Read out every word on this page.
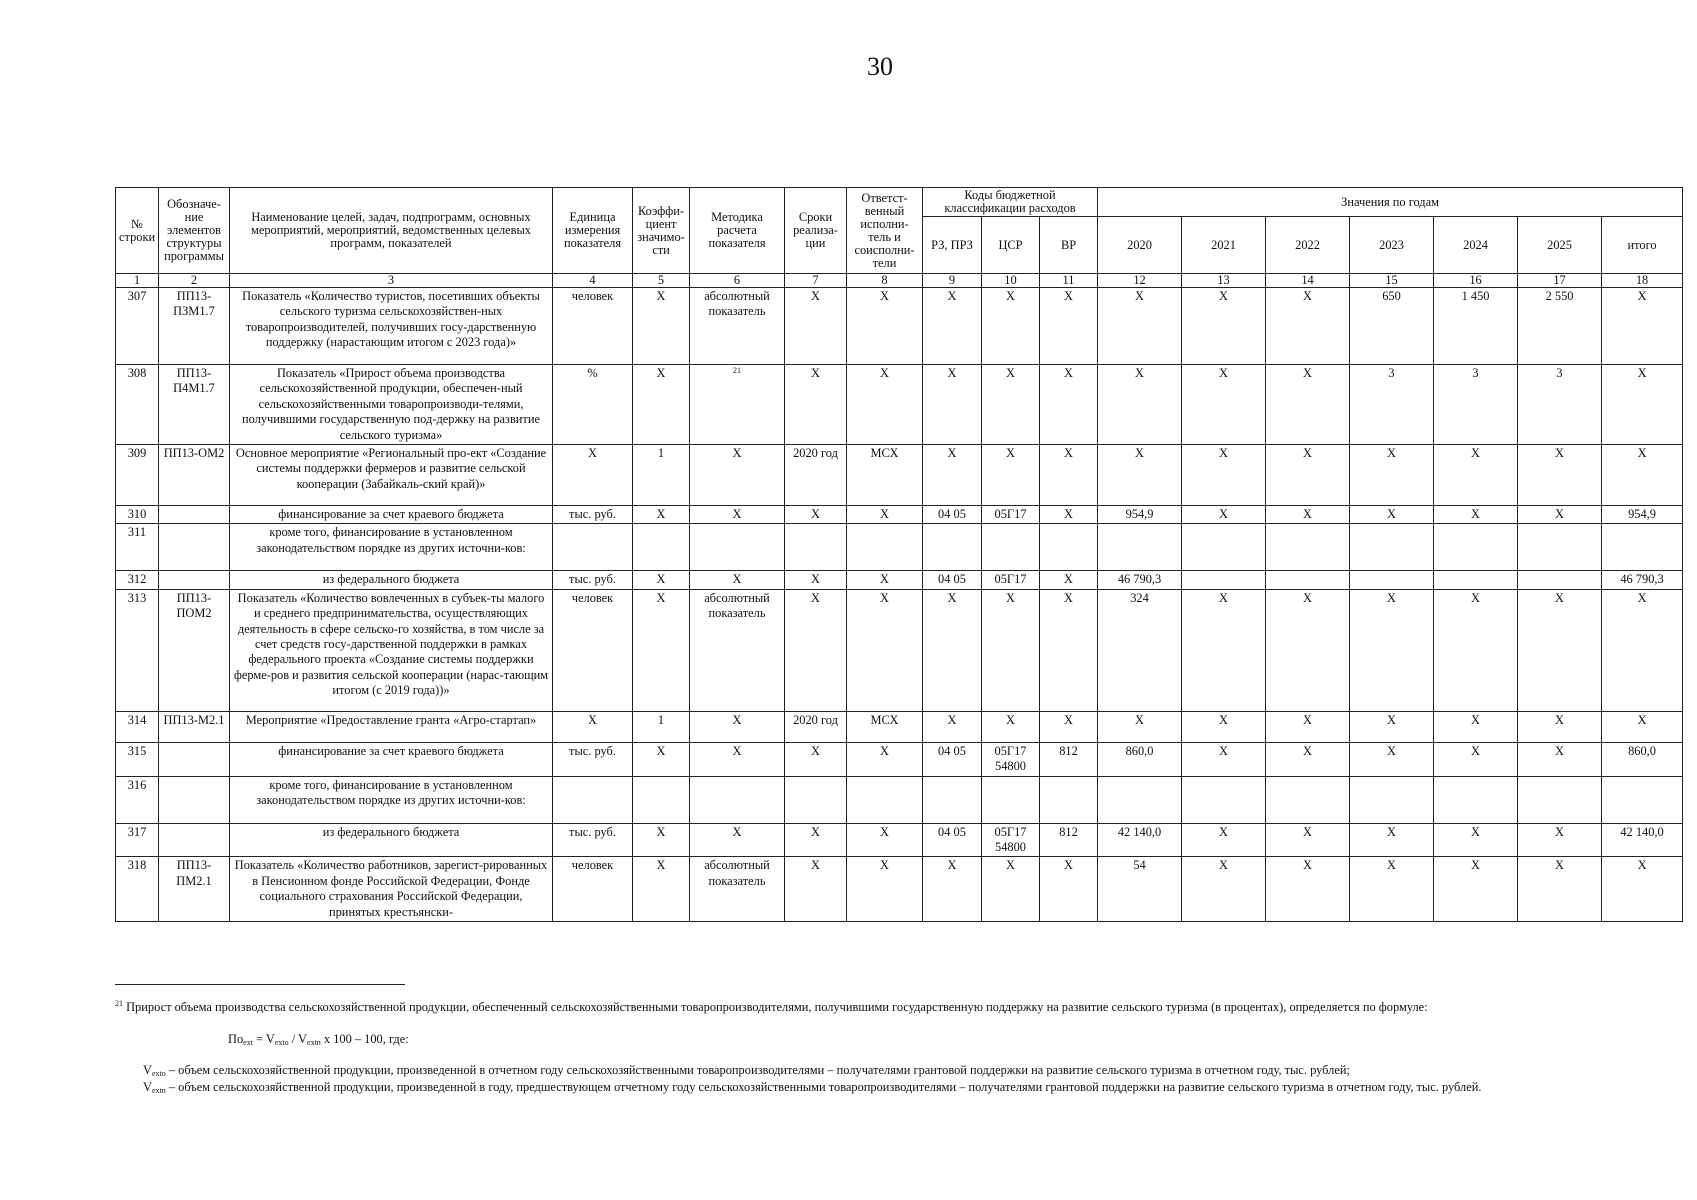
30
№ строки	Обозначе-ние элементов структуры программы	Наименование целей, задач, подпрограмм, основных мероприятий, мероприятий, ведомственных целевых программ, показателей	Единица измерения показателя	Коэффи-циент значимо-сти	Методика расчета показателя	Сроки реализа-ции	Ответст-венный исполни-тель и соисполни-тели	Коды бюджетной классификации расходов			Значения по годам						
								РЗ, ПРЗ	ЦСР	ВР	2020	2021	2022	2023	2024	2025	итого
1	2	3	4	5	6	7	8	9	10	11	12	13	14	15	16	17	18
307	ПП13-ПЗМ1.7	Показатель «Количество туристов, посетивших объекты сельского туризма сельскохозяйствен-ных товаропроизводителей, получивших госу-дарственную поддержку (нарастающим итогом с 2023 года)»	человек	Х	абсолютный показатель	Х	Х	Х	Х	Х	Х	Х	Х	650	1 450	2 550	Х
308	ПП13-П4М1.7	Показатель «Прирост объема производства сельскохозяйственной продукции, обеспечен-ный сельскохозяйственными товаропроизводи-телями, получившими государственную под-держку на развитие сельского туризма»	%	Х	21	Х	Х	Х	Х	Х	Х	Х	Х	3	3	3	Х
309	ПП13-ОМ2	Основное мероприятие «Региональный про-ект «Создание системы поддержки фермеров и развитие сельской кооперации (Забайкаль-ский край)»	Х	1	Х	2020 год	МСХ	Х	Х	Х	Х	Х	Х	Х	Х	Х	Х
310		финансирование за счет краевого бюджета	тыс. руб.	Х	Х	Х	Х	04 05	05Г17	Х	954,9	Х	Х	Х	Х	Х	954,9
311		кроме того, финансирование в установленном законодательством порядке из других источни-ков:															
312		из федерального бюджета	тыс. руб.	Х	Х	Х	Х	04 05	05Г17	Х	46 790,3						46 790,3
313	ПП13-ПОМ2	Показатель «Количество вовлеченных в субъек-ты малого и среднего предпринимательства, осуществляющих деятельность в сфере сельско-го хозяйства, в том числе за счет средств госу-дарственной поддержки в рамках федерального проекта «Создание системы поддержки ферме-ров и развития сельской кооперации (нарас-тающим итогом (с 2019 года))»	человек	Х	абсолютный показатель	Х	Х	Х	Х	Х	324	Х	Х	Х	Х	Х	Х
314	ПП13-М2.1	Мероприятие «Предоставление гранта «Агро-стартап»	Х	1	Х	2020 год	МСХ	Х	Х	Х	Х	Х	Х	Х	Х	Х	Х
315		финансирование за счет краевого бюджета	тыс. руб.	Х	Х	Х	Х	04 05	05Г17 54800	812	860,0	Х	Х	Х	Х	Х	860,0
316		кроме того, финансирование в установленном законодательством порядке из других источни-ков:															
317		из федерального бюджета	тыс. руб.	Х	Х	Х	Х	04 05	05Г17 54800	812	42 140,0	Х	Х	Х	Х	Х	42 140,0
318	ПП13-ПМ2.1	Показатель «Количество работников, зарегист-рированных в Пенсионном фонде Российской Федерации, Фонде социального страхования Российской Федерации, принятых крестьянски-	человек	Х	абсолютный показатель	Х	Х	Х	Х	Х	54	Х	Х	Х	Х	Х	Х
$^{21}$ Прирост объема производства сельскохозяйственной продукции, обеспеченный сельскохозяйственными товаропроизводителями, получившими государственную поддержку на развитие сельского туризма (в процентах), определяется по формуле:
$По_{ext} = V_{exto} / V_{extn}$ x 100 – 100, где:
$V_{exto}$ – объем сельскохозяйственной продукции, произведенной в отчетном году сельскохозяйственными товаропроизводителями – получателями грантовой поддержки на развитие сельского туризма в отчетном году, тыс. рублей;
$V_{extn}$ – объем сельскохозяйственной продукции, произведенной в году, предшествующем отчетному году сельскохозяйственными товаропроизводителями – получателями грантовой поддержки на развитие сельского туризма в отчетном году, тыс. рублей.
